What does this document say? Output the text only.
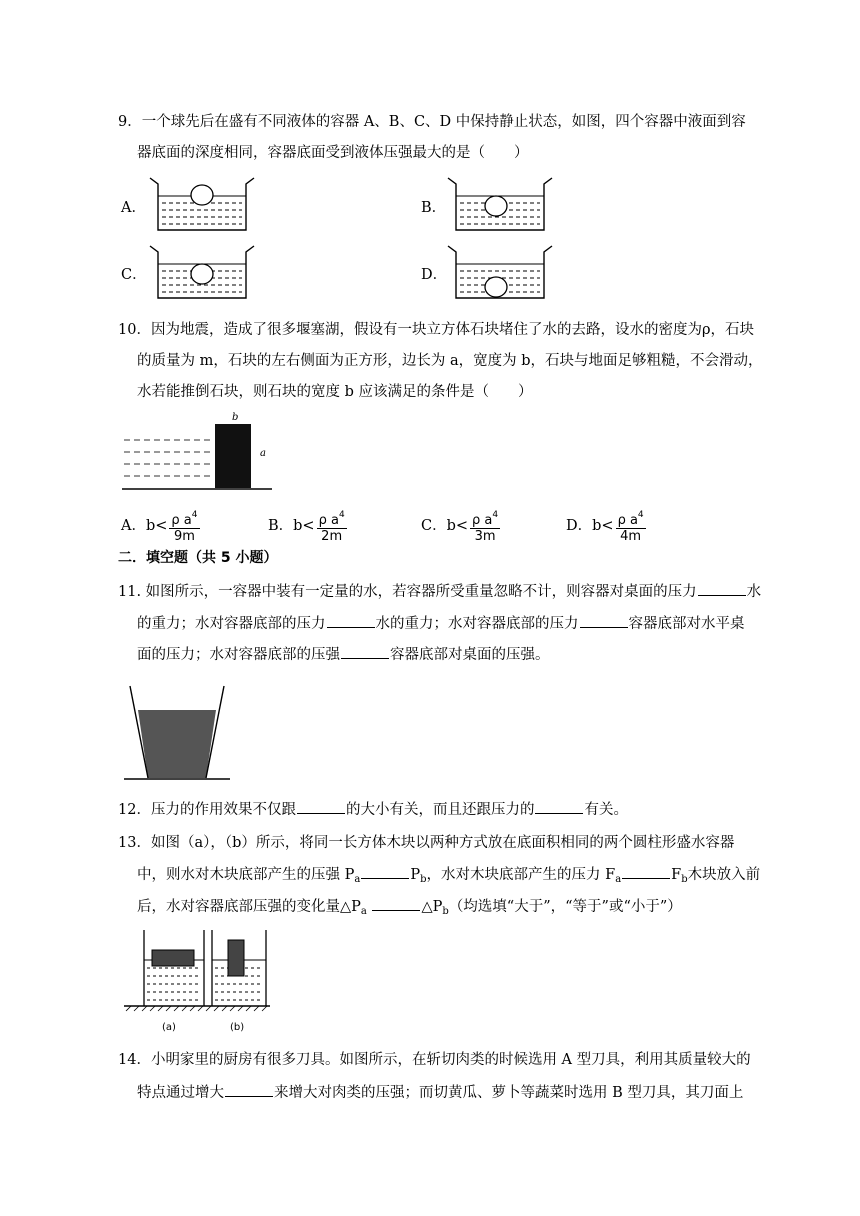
9．一个球先后在盛有不同液体的容器 A、B、C、D 中保持静止状态，如图，四个容器中液面到容
器底面的深度相同，容器底面受到液体压强最大的是（　　）
A．	B．
C．	D．
10．因为地震，造成了很多堰塞湖，假设有一块立方体石块堵住了水的去路，设水的密度为ρ，石块
的质量为 m，石块的左右侧面为正方形，边长为 a，宽度为 b，石块与地面足够粗糙，不会滑动，
水若能推倒石块，则石块的宽度 b 应该满足的条件是（　　）
b
a
A．$b< \frac{\rho a^4}{9m}$	B．$b< \frac{\rho a^4}{2m}$	C．$b< \frac{\rho a^4}{3m}$	D．$b< \frac{\rho a^4}{4m}$
二．填空题（共 5 小题）
11. 如图所示，一容器中装有一定量的水，若容器所受重量忽略不计，则容器对桌面的压力	水
的重力；水对容器底部的压力	水的重力；水对容器底部的压力	容器底部对水平桌
面的压力；水对容器底部的压强	容器底部对桌面的压强。
12．压力的作用效果不仅跟	的大小有关，而且还跟压力的	有关。
13．如图（a），（b）所示，将同一长方体木块以两种方式放在底面积相同的两个圆柱形盛水容器
中，则水对木块底部产生的压强 $P_a$	$P_b$，水对木块底部产生的压力 $F_a$	$F_b$木块放入前
后，水对容器底部压强的变化量$\triangle P_a$	$\triangle P_b$（均选填“大于”，“等于”或“小于”）
(a)	(b)
14．小明家里的厨房有很多刀具。如图所示，在斩切肉类的时候选用 A 型刀具，利用其质量较大的
特点通过增大	来增大对肉类的压强；而切黄瓜、萝卜等蔬菜时选用 B 型刀具，其刀面上
